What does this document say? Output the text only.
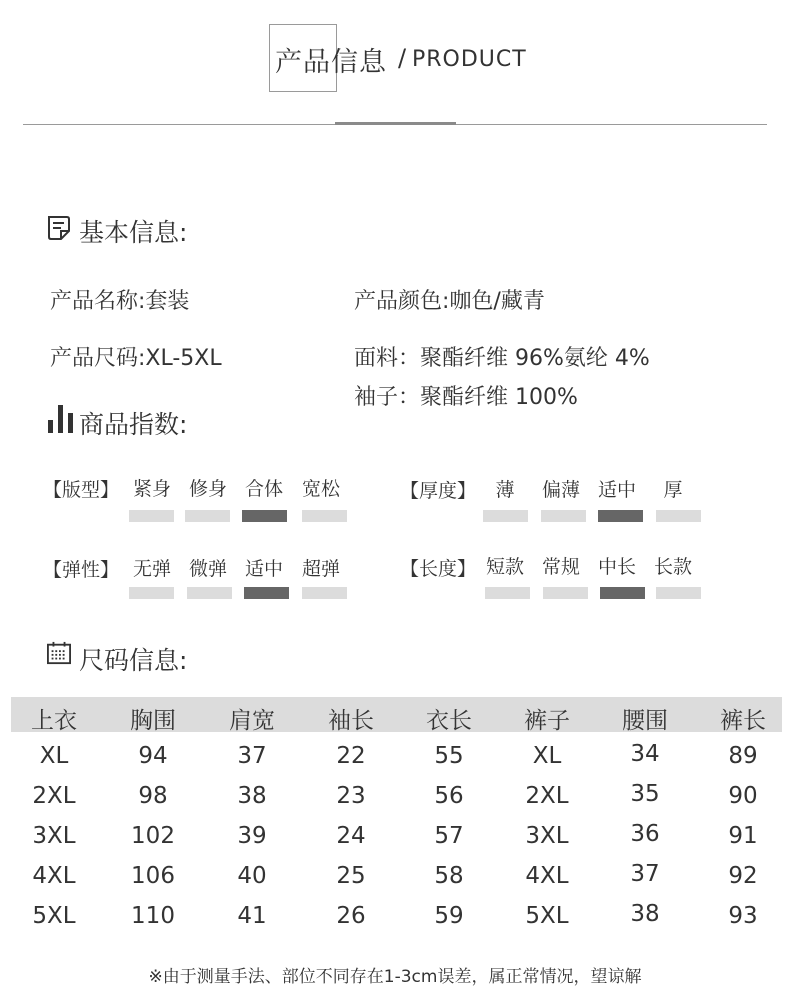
产品信息 / PRODUCT
基本信息:
产品名称:套装	产品颜色:咖色/藏青
产品尺码:XL-5XL	面料：聚酯纤维 96%氨纶 4%
袖子：聚酯纤维 100%
商品指数:
【版型】 紧身 修身 合体 宽松	【厚度】	薄	偏薄 适中	厚
【弹性】 无弹 微弹 适中 超弹	【长度】 短款 常规 中长 长款
尺码信息:
上衣	胸围	肩宽	袖长	衣长	裤子	腰围	裤长
XL	94	37	22	55	XL	34	89
2XL	98	38	23	56	2XL	35	90
3XL	102	39	24	57	3XL	36	91
4XL	106	40	25	58	4XL	37	92
5XL	110	41	26	59	5XL	38	93
※由于测量手法、部位不同存在1-3cm误差，属正常情况，望谅解
